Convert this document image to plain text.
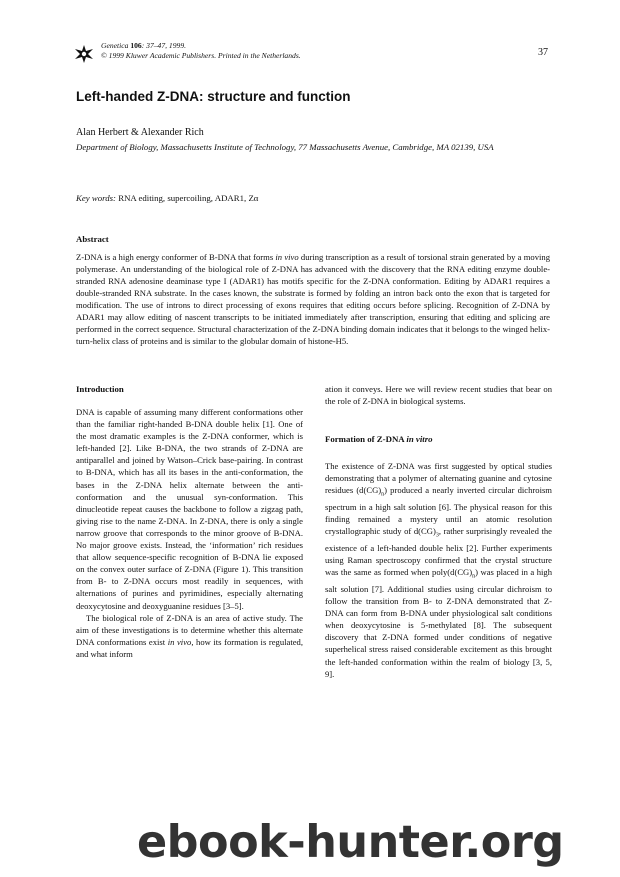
Genetica 106: 37–47, 1999.
© 1999 Kluwer Academic Publishers. Printed in the Netherlands.	37
Left-handed Z-DNA: structure and function
Alan Herbert & Alexander Rich
Department of Biology, Massachusetts Institute of Technology, 77 Massachusetts Avenue, Cambridge, MA 02139, USA
Key words: RNA editing, supercoiling, ADAR1, Zα
Abstract
Z-DNA is a high energy conformer of B-DNA that forms in vivo during transcription as a result of torsional strain generated by a moving polymerase. An understanding of the biological role of Z-DNA has advanced with the discovery that the RNA editing enzyme double-stranded RNA adenosine deaminase type I (ADAR1) has motifs specific for the Z-DNA conformation. Editing by ADAR1 requires a double-stranded RNA substrate. In the cases known, the substrate is formed by folding an intron back onto the exon that is targeted for modification. The use of introns to direct processing of exons requires that editing occurs before splicing. Recognition of Z-DNA by ADAR1 may allow editing of nascent transcripts to be initiated immediately after transcription, ensuring that editing and splicing are performed in the correct sequence. Structural characterization of the Z-DNA binding domain indicates that it belongs to the winged helix-turn-helix class of proteins and is similar to the globular domain of histone-H5.
Introduction

DNA is capable of assuming many different conformations other than the familiar right-handed B-DNA double helix [1]. One of the most dramatic examples is the Z-DNA conformer, which is left-handed [2]. Like B-DNA, the two strands of Z-DNA are antiparallel and joined by Watson–Crick base-pairing. In contrast to B-DNA, which has all its bases in the anti-conformation, the bases in the Z-DNA helix alternate between the anti-conformation and the unusual syn-conformation. This dinucleotide repeat causes the backbone to follow a zigzag path, giving rise to the name Z-DNA. In Z-DNA, there is only a single narrow groove that corresponds to the minor groove of B-DNA. No major groove exists. Instead, the ‘information’ rich residues that allow sequence-specific recognition of B-DNA lie exposed on the convex outer surface of Z-DNA (Figure 1). This transition from B- to Z-DNA occurs most readily in sequences, with alternations of purines and pyrimidines, especially alternating deoxycytosine and deoxyguanine residues [3–5].

The biological role of Z-DNA is an area of active study. The aim of these investigations is to determine whether this alternate DNA conformations exist in vivo, how its formation is regulated, and what inform

ation it conveys. Here we will review recent studies that bear on the role of Z-DNA in biological systems.
Formation of Z-DNA in vitro
The existence of Z-DNA was first suggested by optical studies demonstrating that a polymer of alternating guanine and cytosine residues $(d(CG)_n)$ produced a nearly inverted circular dichroism spectrum in a high salt solution [6]. The physical reason for this finding remained a mystery until an atomic resolution crystallographic study of $d(CG)_3$, rather surprisingly revealed the existence of a left-handed double helix [2]. Further experiments using Raman spectroscopy confirmed that the crystal structure was the same as formed when $poly(d(CG)_n)$ was placed in a high salt solution [7]. Additional studies using circular dichroism to follow the transition from B- to Z-DNA demonstrated that Z-DNA can form from B-DNA under physiological salt conditions when deoxycytosine is 5-methylated [8]. The subsequent discovery that Z-DNA formed under conditions of negative superhelical stress raised considerable excitement as this brought the left-handed conformation within the realm of biology [3, 5, 9].
ebook-hunter.org
